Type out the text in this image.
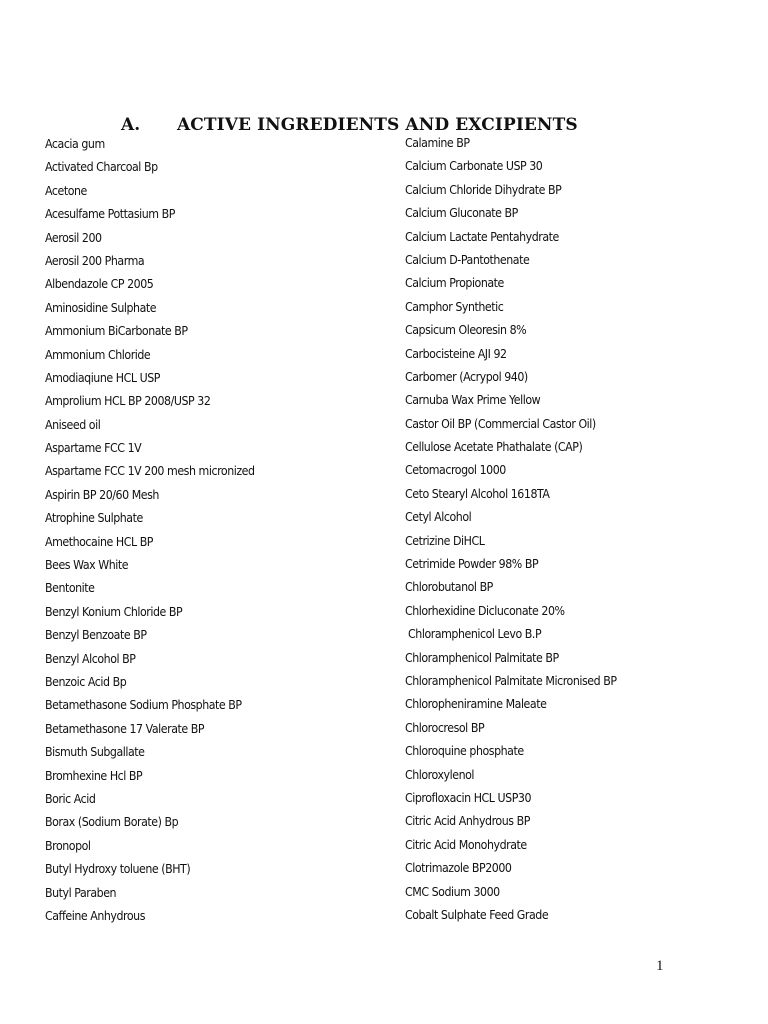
A. ACTIVE INGREDIENTS AND EXCIPIENTS
Acacia gum
Activated Charcoal Bp
Acetone
Acesulfame Pottasium BP
Aerosil 200
Aerosil 200 Pharma
Albendazole CP 2005
Aminosidine Sulphate
Ammonium BiCarbonate BP
Ammonium Chloride
Amodiaqiune HCL USP
Amprolium HCL BP 2008/USP 32
Aniseed oil
Aspartame FCC 1V
Aspartame FCC 1V 200 mesh micronized
Aspirin BP 20/60 Mesh
Atrophine Sulphate
Amethocaine HCL BP
Bees Wax White
Bentonite
Benzyl Konium Chloride BP
Benzyl Benzoate BP
Benzyl Alcohol BP
Benzoic Acid Bp
Betamethasone Sodium Phosphate BP
Betamethasone 17 Valerate BP
Bismuth Subgallate
Bromhexine Hcl BP
Boric Acid
Borax (Sodium Borate) Bp
Bronopol
Butyl Hydroxy toluene (BHT)
Butyl Paraben
Caffeine Anhydrous
Calamine BP
Calcium Carbonate USP 30
Calcium Chloride Dihydrate BP
Calcium Gluconate BP
Calcium Lactate Pentahydrate
Calcium D-Pantothenate
Calcium Propionate
Camphor Synthetic
Capsicum Oleoresin 8%
Carbocisteine AJI 92
Carbomer (Acrypol 940)
Carnuba Wax Prime Yellow
Castor Oil BP (Commercial Castor Oil)
Cellulose Acetate Phathalate (CAP)
Cetomacrogol 1000
Ceto Stearyl Alcohol 1618TA
Cetyl Alcohol
Cetrizine DiHCL
Cetrimide Powder 98% BP
Chlorobutanol BP
Chlorhexidine Dicluconate 20%
Chloramphenicol Levo B.P
Chloramphenicol Palmitate BP
Chloramphenicol Palmitate Micronised BP
Chloropheniramine Maleate
Chlorocresol BP
Chloroquine phosphate
Chloroxylenol
Ciprofloxacin HCL USP30
Citric Acid Anhydrous BP
Citric Acid Monohydrate
Clotrimazole BP2000
CMC Sodium 3000
Cobalt Sulphate Feed Grade
1
